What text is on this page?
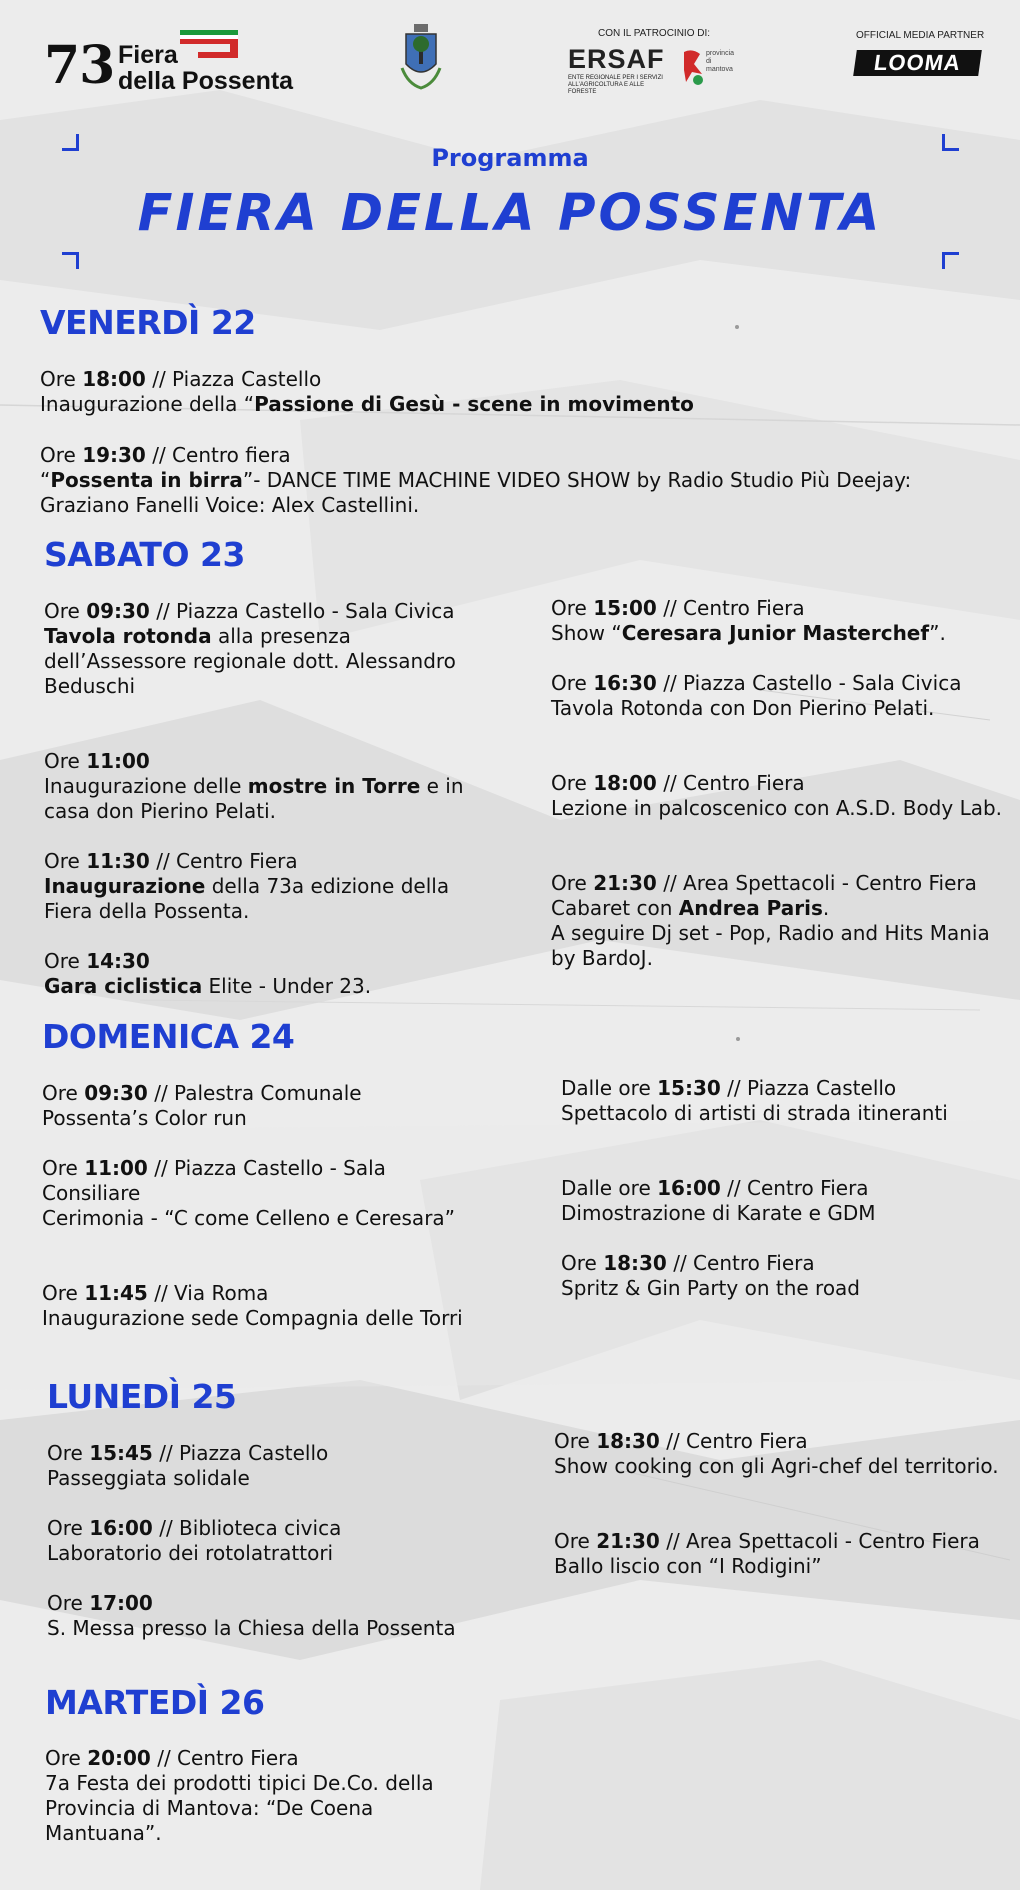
73 Fiera
della Possenta
CON IL PATROCINIO DI:
ERSAF
ENTE REGIONALE PER I SERVIZI ALL'AGRICOLTURA E ALLE FORESTE
provincia di mantova
OFFICIAL MEDIA PARTNER
LOOMA
Programma
FIERA DELLA POSSENTA
VENERDÌ 22
Ore 18:00 // Piazza Castello
Inaugurazione della “Passione di Gesù - scene in movimento
Ore 19:30 // Centro fiera
“Possenta in birra”- DANCE TIME MACHINE VIDEO SHOW by Radio Studio Più Deejay: Graziano Fanelli Voice: Alex Castellini.
SABATO 23
Ore 09:30 // Piazza Castello - Sala Civica
Tavola rotonda alla presenza dell’Assessore regionale dott. Alessandro Beduschi
Ore 11:00
Inaugurazione delle mostre in Torre e in casa don Pierino Pelati.
Ore 11:30 // Centro Fiera
Inaugurazione della 73a edizione della Fiera della Possenta.
Ore 14:30
Gara ciclistica Elite - Under 23.
Ore 15:00 // Centro Fiera
Show “Ceresara Junior Masterchef”.
Ore 16:30 // Piazza Castello - Sala Civica
Tavola Rotonda con Don Pierino Pelati.
Ore 18:00 // Centro Fiera
Lezione in palcoscenico con A.S.D. Body Lab.
Ore 21:30 // Area Spettacoli - Centro Fiera
Cabaret con Andrea Paris.
A seguire Dj set - Pop, Radio and Hits Mania by BardoJ.
DOMENICA 24
Ore 09:30 // Palestra Comunale
Possenta’s Color run
Ore 11:00 // Piazza Castello - Sala Consiliare
Cerimonia - “C come Celleno e Ceresara”
Ore 11:45 // Via Roma
Inaugurazione sede Compagnia delle Torri
Dalle ore 15:30 // Piazza Castello
Spettacolo di artisti di strada itineranti
Dalle ore 16:00 // Centro Fiera
Dimostrazione di Karate e GDM
Ore 18:30 // Centro Fiera
Spritz & Gin Party on the road
LUNEDÌ 25
Ore 15:45 // Piazza Castello
Passeggiata solidale
Ore 16:00 // Biblioteca civica
Laboratorio dei rotolatrattori
Ore 17:00
S. Messa presso la Chiesa della Possenta
Ore 18:30 // Centro Fiera
Show cooking con gli Agri-chef del territorio.
Ore 21:30 // Area Spettacoli - Centro Fiera
Ballo liscio con “I Rodigini”
MARTEDÌ 26
Ore 20:00 // Centro Fiera
7a Festa dei prodotti tipici De.Co. della Provincia di Mantova: “De Coena Mantuana”.
